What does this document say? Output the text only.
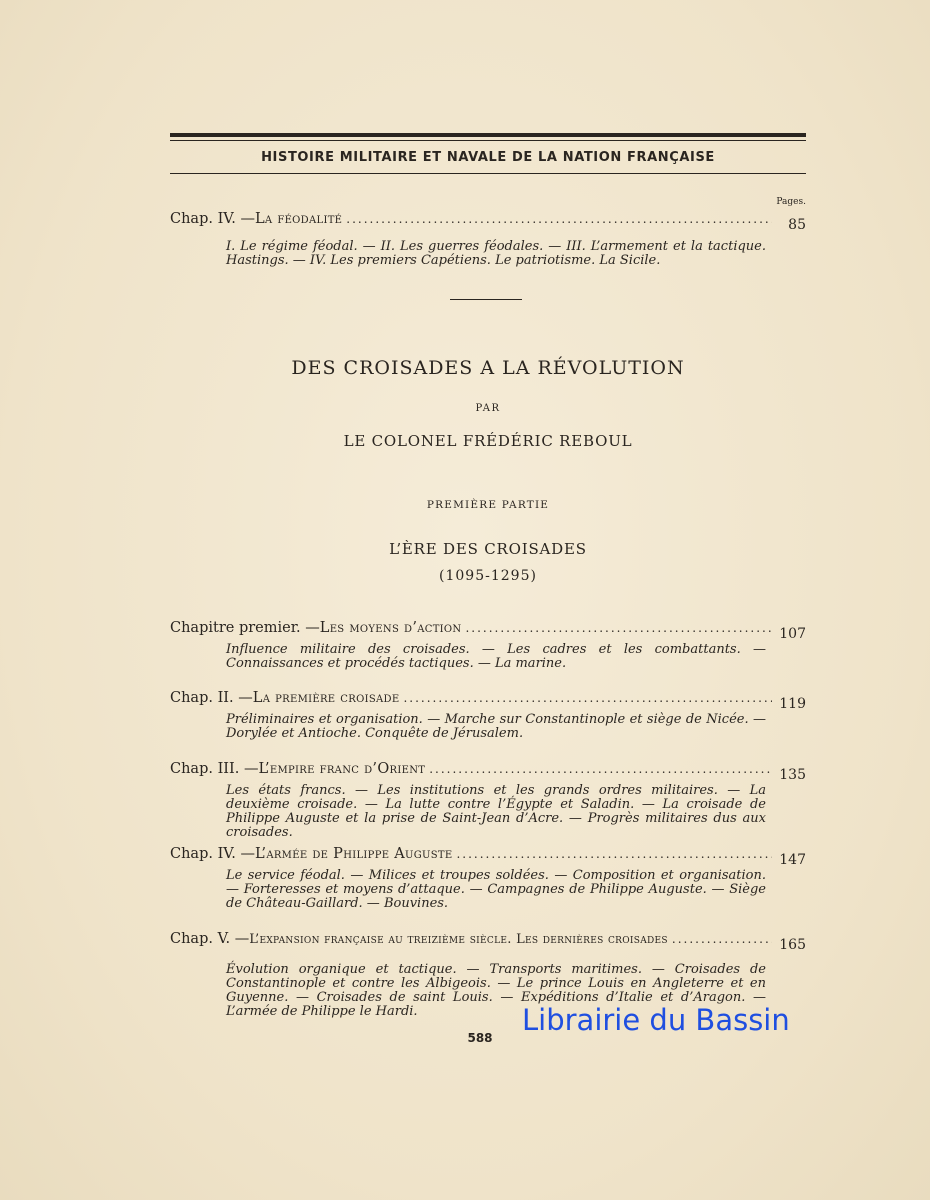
HISTOIRE MILITAIRE ET NAVALE DE LA NATION FRANÇAISE
Pages.
Chap. IV. — La féodalité .....	85
I. Le régime féodal. — II. Les guerres féodales. — III. L’armement et la tactique. Hastings. — IV. Les premiers Capétiens. Le patriotisme. La Sicile.
DES CROISADES A LA RÉVOLUTION
PAR
LE COLONEL FRÉDÉRIC REBOUL
PREMIÈRE PARTIE
L’ÈRE DES CROISADES
(1095-1295)
Chapitre premier. — Les moyens d’action .....	107
Influence militaire des croisades. — Les cadres et les combattants. — Connaissances et procédés tactiques. — La marine.
Chap. II. — La première croisade .....	119
Préliminaires et organisation. — Marche sur Constantinople et siège de Nicée. — Dorylée et Antioche. Conquête de Jérusalem.
Chap. III. — L’empire franc d’Orient .....	135
Les états francs. — Les institutions et les grands ordres militaires. — La deuxième croisade. — La lutte contre l’Égypte et Saladin. — La croisade de Philippe Auguste et la prise de Saint-Jean d’Acre. — Progrès militaires dus aux croisades.
Chap. IV. — L’armée de Philippe Auguste .....	147
Le service féodal. — Milices et troupes soldées. — Composition et organisation. — Forteresses et moyens d’attaque. — Campagnes de Philippe Auguste. — Siège de Château-Gaillard. — Bouvines.
Chap. V. — L’expansion française au treizième siècle. Les dernières croisades .....	165
Évolution organique et tactique. — Transports maritimes. — Croisades de Constantinople et contre les Albigeois. — Le prince Louis en Angleterre et en Guyenne. — Croisades de saint Louis. — Expéditions d’Italie et d’Aragon. — L’armée de Philippe le Hardi.
588
Librairie du Bassin
